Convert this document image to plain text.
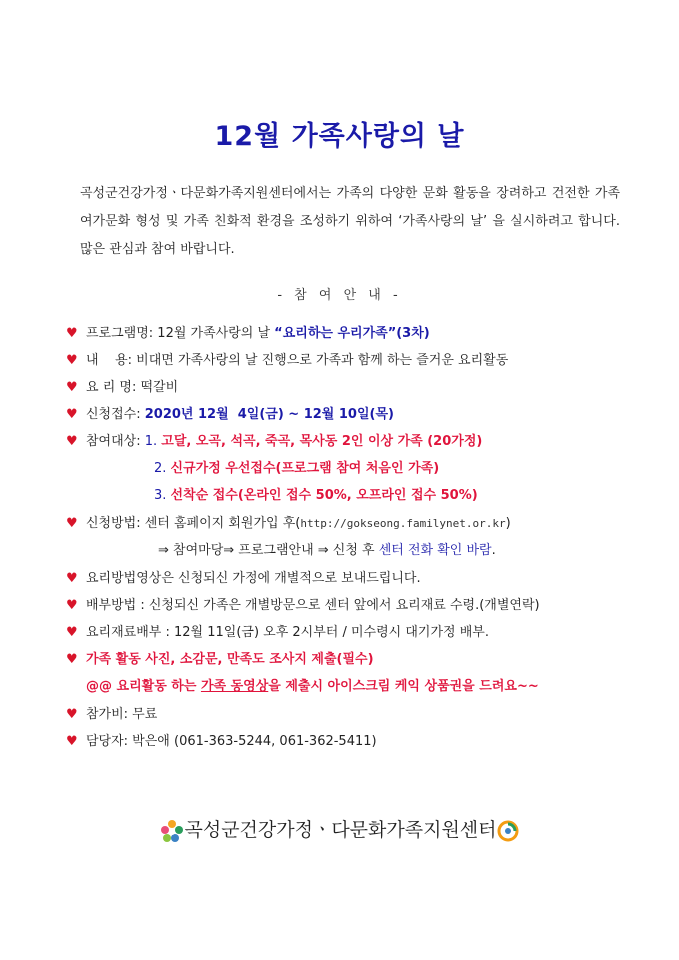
12월 가족사랑의 날
곡성군건강가정ㆍ다문화가족지원센터에서는 가족의 다양한 문화 활동을 장려하고 건전한 가족여가문화 형성 및 가족 친화적 환경을 조성하기 위하여 ‘가족사랑의 날’ 을 실시하려고 합니다. 많은 관심과 참여 바랍니다.
- 참 여 안 내 -
♥ 프로그램명: 12월 가족사랑의 날 “요리하는 우리가족”(3차)
♥ 내    용: 비대면 가족사랑의 날 진행으로 가족과 함께 하는 즐거운 요리활동
♥ 요 리 명: 떡갈비
♥ 신청접수: 2020년 12월  4일(금) ~ 12월 10일(목)
♥ 참여대상: 1. 고달, 오곡, 석곡, 죽곡, 목사동 2인 이상 가족 (20가정)
2. 신규가정 우선접수(프로그램 참여 처음인 가족)
3. 선착순 접수(온라인 접수 50%, 오프라인 접수 50%)
♥ 신청방법: 센터 홈페이지 회원가입 후(http://gokseong.familynet.or.kr)
⇒ 참여마당⇒ 프로그램안내 ⇒ 신청 후 센터 전화 확인 바람.
♥ 요리방법영상은 신청되신 가정에 개별적으로 보내드립니다.
♥ 배부방법 : 신청되신 가족은 개별방문으로 센터 앞에서 요리재료 수령.(개별연락)
♥ 요리재료배부 : 12월 11일(금) 오후 2시부터 / 미수령시 대기가정 배부.
♥ 가족 활동 사진, 소감문, 만족도 조사지 제출(필수)
@@ 요리활동 하는 가족 동영상을 제출시 아이스크림 케익 상품권을 드려요~~
♥ 참가비: 무료
♥ 담당자: 박은애 (061-363-5244, 061-362-5411)
곡성군건강가정ㆍ다문화가족지원센터
